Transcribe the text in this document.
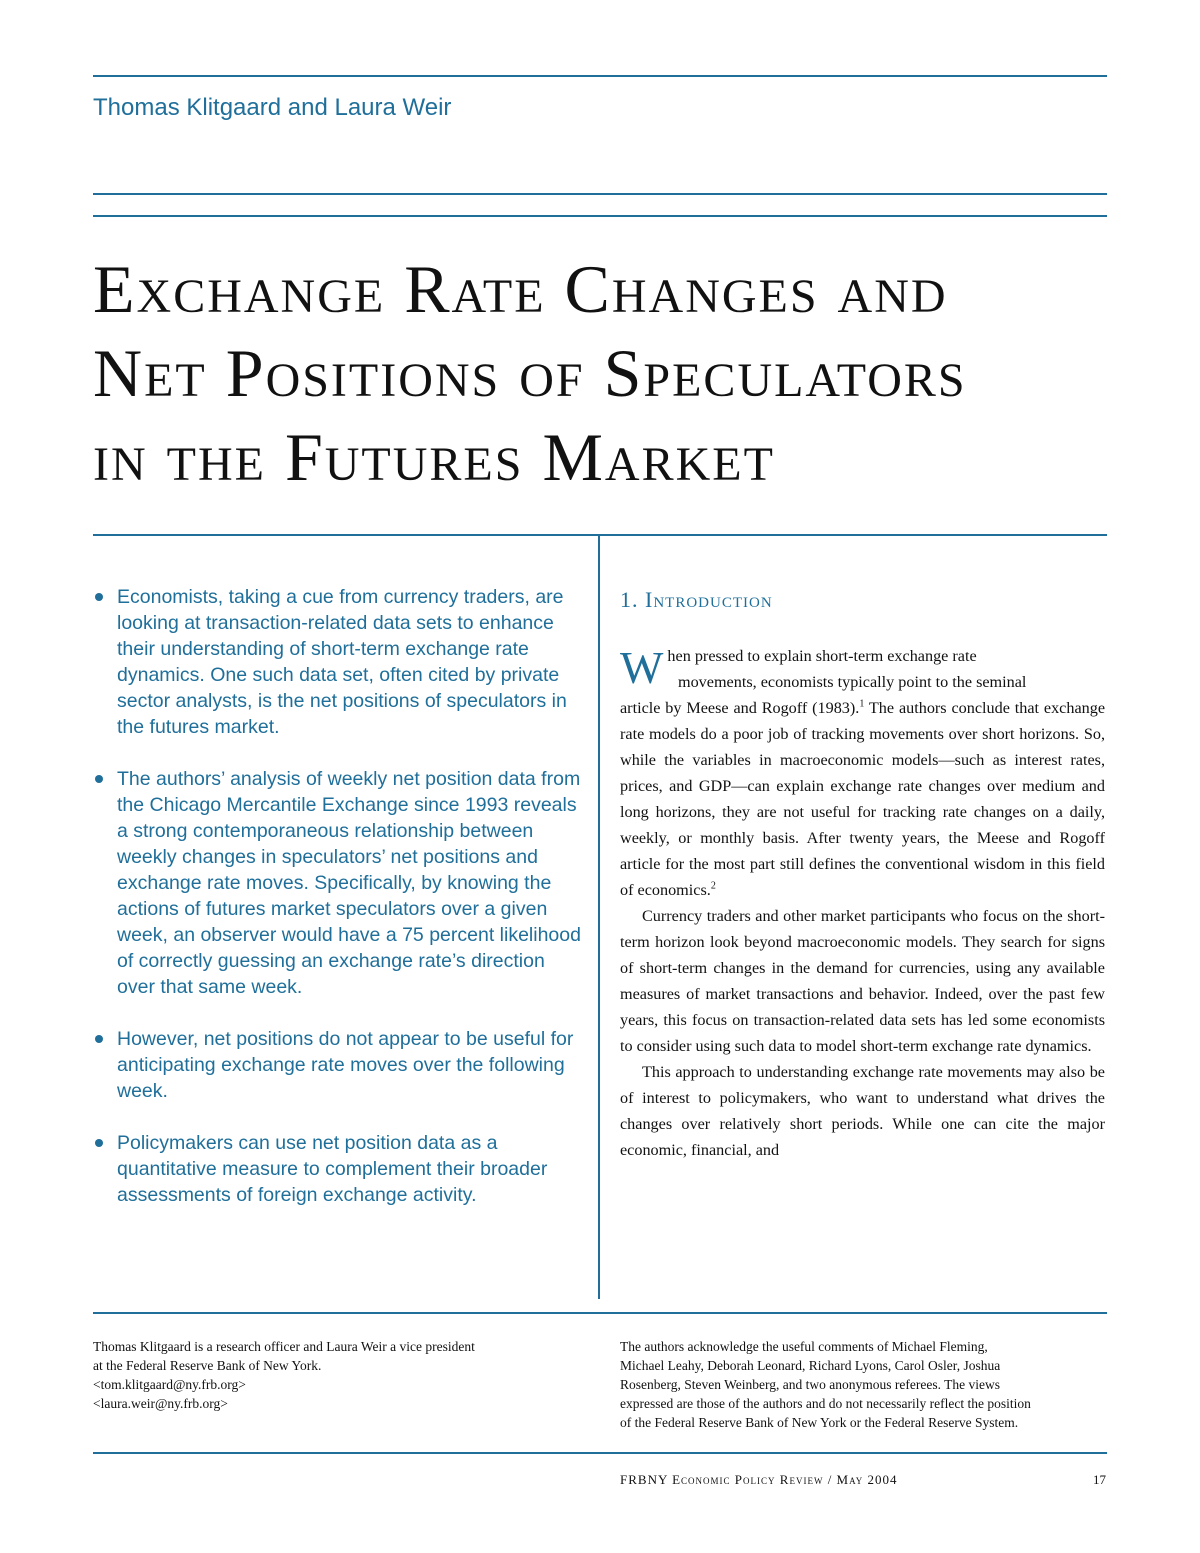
Thomas Klitgaard and Laura Weir
Exchange Rate Changes and
Net Positions of Speculators
in the Futures Market
Economists, taking a cue from currency traders, are looking at transaction-related data sets to enhance their understanding of short-term exchange rate dynamics. One such data set, often cited by private sector analysts, is the net positions of speculators in the futures market.
The authors’ analysis of weekly net position data from the Chicago Mercantile Exchange since 1993 reveals a strong contemporaneous relationship between weekly changes in speculators’ net positions and exchange rate moves. Specifically, by knowing the actions of futures market speculators over a given week, an observer would have a 75 percent likelihood of correctly guessing an exchange rate’s direction over that same week.
However, net positions do not appear to be useful for anticipating exchange rate moves over the following week.
Policymakers can use net position data as a quantitative measure to complement their broader assessments of foreign exchange activity.
1. Introduction

When pressed to explain short-term exchange rate
movements, economists typically point to the seminal
article by Meese and Rogoff (1983).$^1$ The authors conclude that exchange rate models do a poor job of tracking movements over short horizons. So, while the variables in macroeconomic models—such as interest rates, prices, and GDP—can explain exchange rate changes over medium and long horizons, they are not useful for tracking rate changes on a daily, weekly, or monthly basis. After twenty years, the Meese and Rogoff article for the most part still defines the conventional wisdom in this field of economics.$^2$

Currency traders and other market participants who focus on the short-term horizon look beyond macroeconomic models. They search for signs of short-term changes in the demand for currencies, using any available measures of market transactions and behavior. Indeed, over the past few years, this focus on transaction-related data sets has led some economists to consider using such data to model short-term exchange rate dynamics.

This approach to understanding exchange rate movements may also be of interest to policymakers, who want to understand what drives the changes over relatively short periods. While one can cite the major economic, financial, and

Thomas Klitgaard is a research officer and Laura Weir a vice president
at the Federal Reserve Bank of New York.
<tom.klitgaard@ny.frb.org>
<laura.weir@ny.frb.org>
The authors acknowledge the useful comments of Michael Fleming,
Michael Leahy, Deborah Leonard, Richard Lyons, Carol Osler, Joshua
Rosenberg, Steven Weinberg, and two anonymous referees. The views
expressed are those of the authors and do not necessarily reflect the position
of the Federal Reserve Bank of New York or the Federal Reserve System.
FRBNY Economic Policy Review / May 2004	17
